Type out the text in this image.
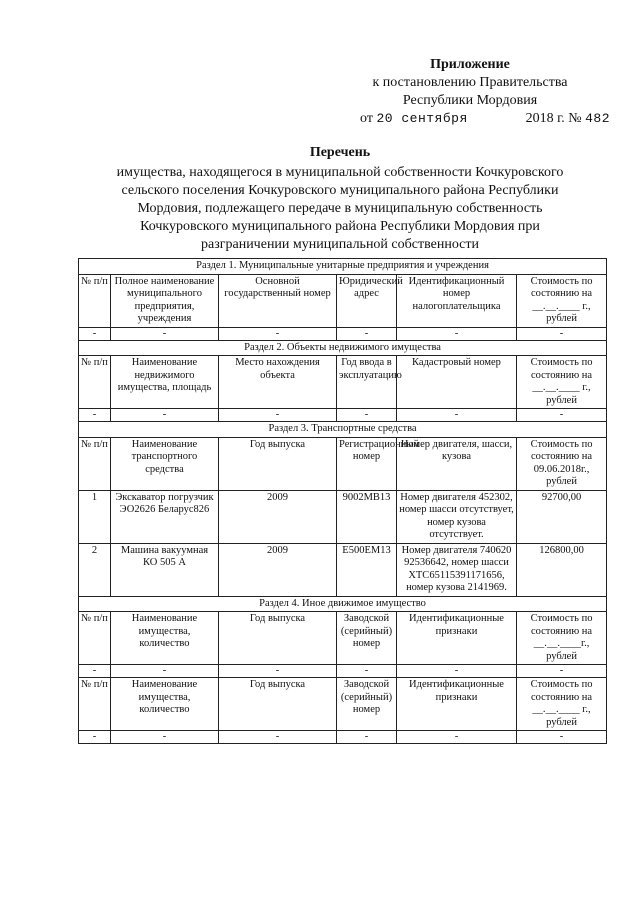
Приложение
к постановлению Правительства
Республики Мордовия
от 20 сентября	2018 г. № 482
Перечень
имущества, находящегося в муниципальной собственности Кочкуровского
сельского поселения Кочкуровского муниципального района Республики
Мордовия, подлежащего передаче в муниципальную собственность
Кочкуровского муниципального района Республики Мордовия при
разграничении муниципальной собственности
Раздел 1. Муниципальные унитарные предприятия и учреждения					
№ п/п	Полное наименование муниципального предприятия, учреждения	Основной государственный номер	Юридический адрес	Идентификационный номер налогоплательщика	Стоимость по состоянию на __.__.____ г., рублей
-	-	-	-	-	-
Раздел 2. Объекты недвижимого имущества					
№ п/п	Наименование недвижимого имущества, площадь	Место нахождения объекта	Год ввода в эксплуатацию	Кадастровый номер	Стоимость по состоянию на __.__.____ г., рублей
-	-	-	-	-	-
Раздел 3. Транспортные средства					
№ п/п	Наименование транспортного средства	Год выпуска	Регистрационный номер	Номер двигателя, шасси, кузова	Стоимость по состоянию на 09.06.2018г., рублей
1	Экскаватор погрузчик ЭО2626 Беларус826	2009	9002МВ13	Номер двигателя 452302, номер шасси отсутствует, номер кузова отсутствует.	92700,00
2	Машина вакуумная КО 505 А	2009	Е500ЕМ13	Номер двигателя 740620 92536642, номер шасси ХТС65115391171656, номер кузова 2141969.	126800,00
Раздел 4. Иное движимое имущество					
№ п/п	Наименование имущества, количество	Год выпуска	Заводской (серийный) номер	Идентификационные признаки	Стоимость по состоянию на __.__.____г., рублей
-	-	-	-	-	-
№ п/п	Наименование имущества, количество	Год выпуска	Заводской (серийный) номер	Идентификационные признаки	Стоимость по состоянию на __.__.____ г., рублей
-	-	-	-	-	-
